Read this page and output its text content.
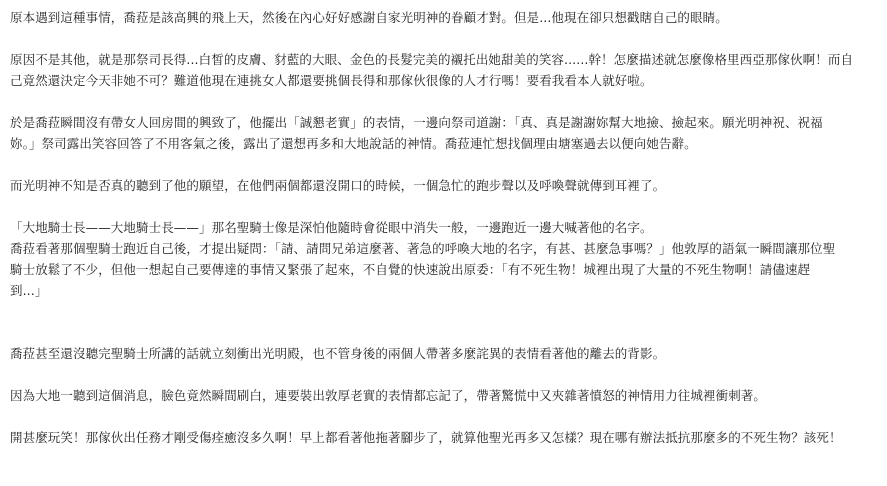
原本遇到這種事情，喬菈是該高興的飛上天，然後在內心好好感謝自家光明神的眷顧才對。但是...他現在卻只想戳瞎自己的眼睛。
原因不是其他，就是那祭司長得...白皙的皮膚、豺藍的大眼、金色的長髮完美的襯托出她甜美的笑容......幹！怎麼描述就怎麼像格里西亞那傢伙啊！而自
己竟然還決定今天非她不可？難道他現在連挑女人都還要挑個長得和那傢伙很像的人才行嗎！要看我看本人就好啦。
於是喬菈瞬間沒有帶女人回房間的興致了，他擺出「誠懇老實」的表情，一邊向祭司道謝：「真、真是謝謝妳幫大地撿、撿起來。願光明神祝、祝福
妳。」祭司露出笑容回答了不用客氣之後，露出了還想再多和大地說話的神情。喬菈連忙想找個理由塘塞過去以便向她告辭。
而光明神不知是否真的聽到了他的願望，在他們兩個都還沒開口的時候，一個急忙的跑步聲以及呼喚聲就傳到耳裡了。
「大地騎士長——大地騎士長——」那名聖騎士像是深怕他隨時會從眼中消失一般，一邊跑近一邊大喊著他的名字。
喬菈看著那個聖騎士跑近自己後，才提出疑問：「請、請問兄弟這麼著、著急的呼喚大地的名字，有甚、甚麼急事嗎？」他敦厚的語氣一瞬間讓那位聖
騎士放鬆了不少，但他一想起自己要傳達的事情又緊張了起來，不自覺的快速說出原委：「有不死生物！城裡出現了大量的不死生物啊！請儘速趕
到...」
喬菈甚至還沒聽完聖騎士所講的話就立刻衝出光明殿，也不管身後的兩個人帶著多麼詫異的表情看著他的離去的背影。
因為大地一聽到這個消息，臉色竟然瞬間刷白，連要裝出敦厚老實的表情都忘記了，帶著驚慌中又夾雜著憤怒的神情用力往城裡衝刺著。
開甚麼玩笑！那傢伙出任務才剛受傷痊癒沒多久啊！早上都看著他拖著腳步了，就算他聖光再多又怎樣？現在哪有辦法抵抗那麼多的不死生物？該死！
